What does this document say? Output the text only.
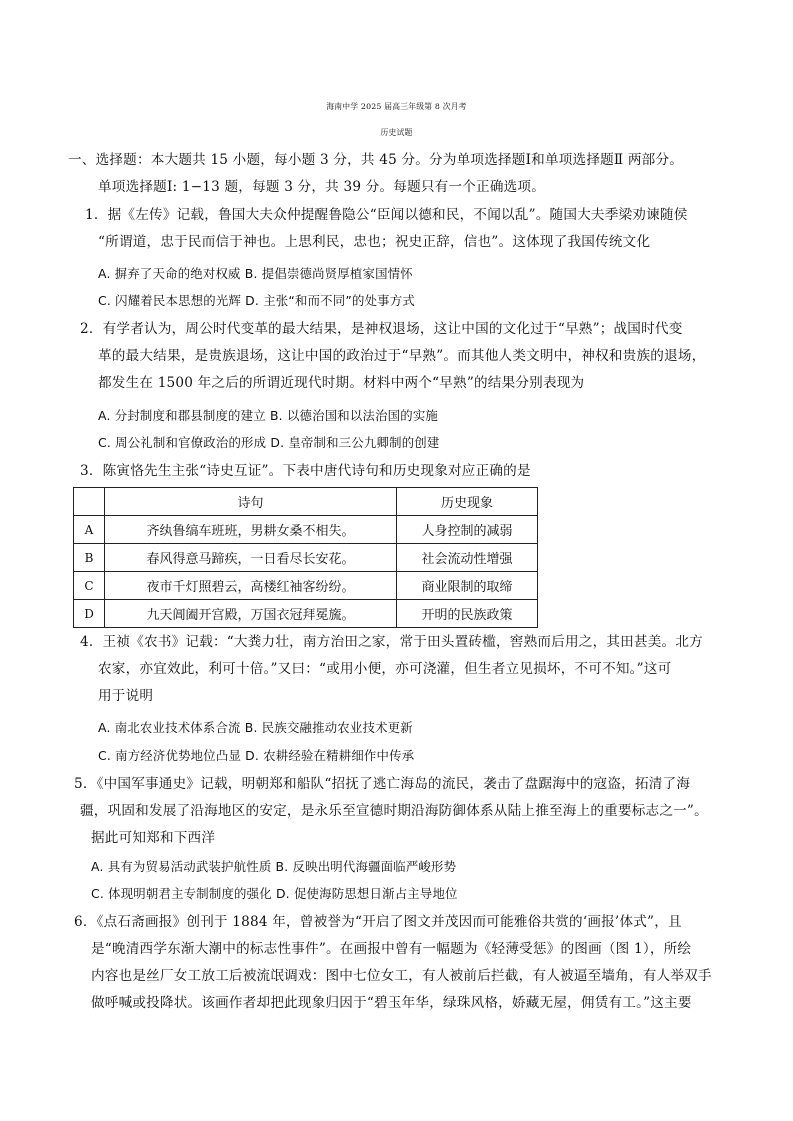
海南中学 2025 届高三年级第 8 次月考
历史试题
一、选择题：本大题共 15 小题，每小题 3 分，共 45 分。分为单项选择题Ⅰ和单项选择题Ⅱ 两部分。
单项选择题Ⅰ: 1−13 题，每题 3 分，共 39 分。每题只有一个正确选项。
1．据《左传》记载，鲁国大夫众仲提醒鲁隐公“臣闻以德和民，不闻以乱”。随国大夫季梁劝谏随侯
“所谓道，忠于民而信于神也。上思利民，忠也；祝史正辞，信也”。这体现了我国传统文化
A. 摒弃了天命的绝对权威 B. 提倡崇德尚贤厚植家国情怀
C. 闪耀着民本思想的光辉 D. 主张“和而不同”的处事方式
2．有学者认为，周公时代变革的最大结果，是神权退场，这让中国的文化过于“早熟”；战国时代变
革的最大结果，是贵族退场，这让中国的政治过于“早熟”。而其他人类文明中，神权和贵族的退场，
都发生在 1500 年之后的所谓近现代时期。材料中两个“早熟”的结果分别表现为
A. 分封制度和郡县制度的建立 B. 以德治国和以法治国的实施
C. 周公礼制和官僚政治的形成 D. 皇帝制和三公九卿制的创建
3．陈寅恪先生主张“诗史互证”。下表中唐代诗句和历史现象对应正确的是
	诗句	历史现象
A	齐纨鲁缟车班班，男耕女桑不相失。	人身控制的减弱
B	春风得意马蹄疾，一日看尽长安花。	社会流动性增强
C	夜市千灯照碧云，高楼红袖客纷纷。	商业限制的取缔
D	九天阊阖开宫殿，万国衣冠拜冕旒。	开明的民族政策
4．王祯《农书》记载：“大粪力壮，南方治田之家，常于田头置砖槛，窖熟而后用之，其田甚美。北方
农家，亦宜效此，利可十倍。”又曰：“或用小便，亦可浇灌，但生者立见损坏，不可不知。”这可
用于说明
A. 南北农业技术体系合流 B. 民族交融推动农业技术更新
C. 南方经济优势地位凸显 D. 农耕经验在精耕细作中传承
5．《中国军事通史》记载，明朝郑和船队“招抚了逃亡海岛的流民，袭击了盘踞海中的寇盗，拓清了海
疆，巩固和发展了沿海地区的安定，是永乐至宣德时期沿海防御体系从陆上推至海上的重要标志之一”。
据此可知郑和下西洋
A. 具有为贸易活动武装护航性质 B. 反映出明代海疆面临严峻形势
C. 体现明朝君主专制制度的强化 D. 促使海防思想日渐占主导地位
6．《点石斋画报》创刊于 1884 年，曾被誉为“开启了图文并茂因而可能雅俗共赏的‘画报’体式”，且
是“晚清西学东渐大潮中的标志性事件”。在画报中曾有一幅题为《轻薄受惩》的图画（图 1），所绘
内容也是丝厂女工放工后被流氓调戏：图中七位女工，有人被前后拦截，有人被逼至墙角，有人举双手
做呼喊或投降状。该画作者却把此现象归因于“碧玉年华，绿珠风格，娇藏无屋，佣赁有工。”这主要
